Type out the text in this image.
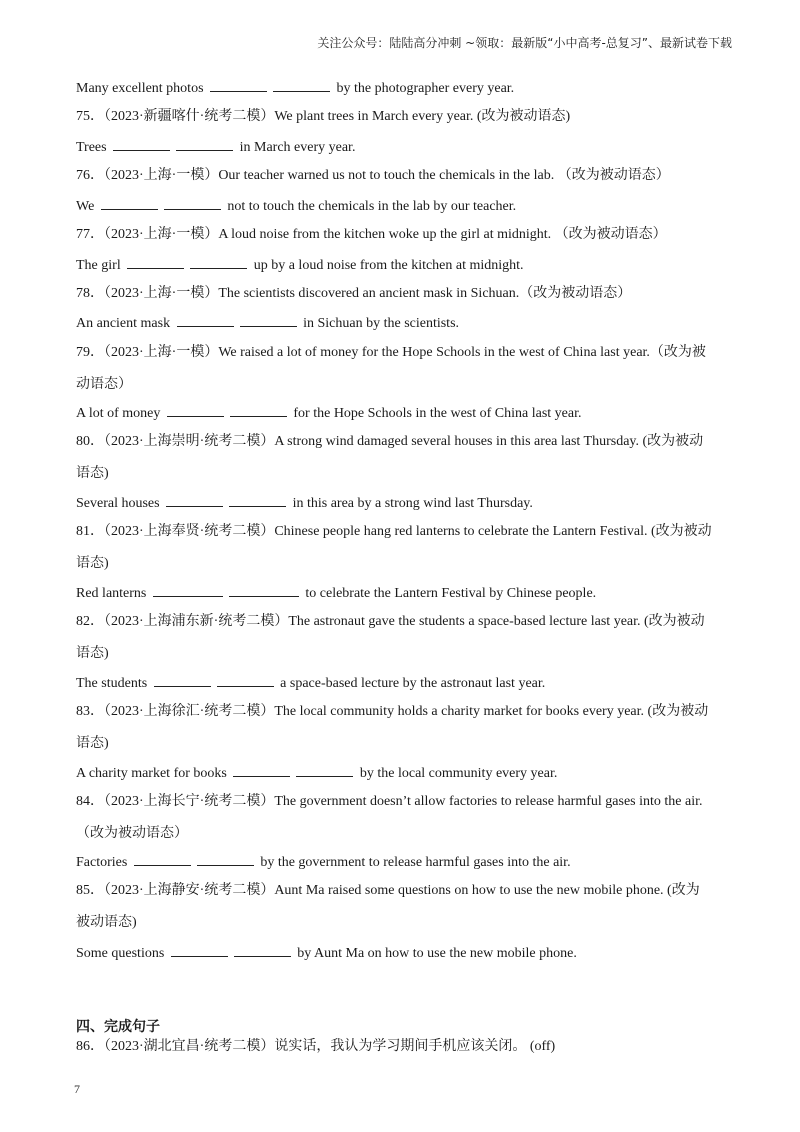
关注公众号：陆陆高分冲刺 ~领取：最新版“小中高考-总复习”、最新试卷下载
Many excellent photos	by the photographer every year.
75．（2023·新疆喀什·统考二模）We plant trees in March every year. (改为被动语态)
Trees	in March every year.
76．（2023·上海·一模）Our teacher warned us not to touch the chemicals in the lab. （改为被动语态）
We	not to touch the chemicals in the lab by our teacher.
77．（2023·上海·一模）A loud noise from the kitchen woke up the girl at midnight. （改为被动语态）
The girl	up by a loud noise from the kitchen at midnight.
78．（2023·上海·一模）The scientists discovered an ancient mask in Sichuan.（改为被动语态）
An ancient mask	in Sichuan by the scientists.
79．（2023·上海·一模）We raised a lot of money for the Hope Schools in the west of China last year.（改为被
动语态）
A lot of money	for the Hope Schools in the west of China last year.
80．（2023·上海崇明·统考二模）A strong wind damaged several houses in this area last Thursday. (改为被动
语态)
Several houses	in this area by a strong wind last Thursday.
81．（2023·上海奉贤·统考二模）Chinese people hang red lanterns to celebrate the Lantern Festival. (改为被动
语态)
Red lanterns	to celebrate the Lantern Festival by Chinese people.
82．（2023·上海浦东新·统考二模）The astronaut gave the students a space-based lecture last year. (改为被动
语态)
The students	a space-based lecture by the astronaut last year.
83．（2023·上海徐汇·统考二模）The local community holds a charity market for books every year. (改为被动
语态)
A charity market for books	by the local community every year.
84．（2023·上海长宁·统考二模）The government doesn’t allow factories to release harmful gases into the air.
（改为被动语态）
Factories	by the government to release harmful gases into the air.
85．（2023·上海静安·统考二模）Aunt Ma raised some questions on how to use the new mobile phone. (改为
被动语态)
Some questions	by Aunt Ma on how to use the new mobile phone.
四、完成句子
86．（2023·湖北宜昌·统考二模）说实话，我认为学习期间手机应该关闭。 (off)
7
